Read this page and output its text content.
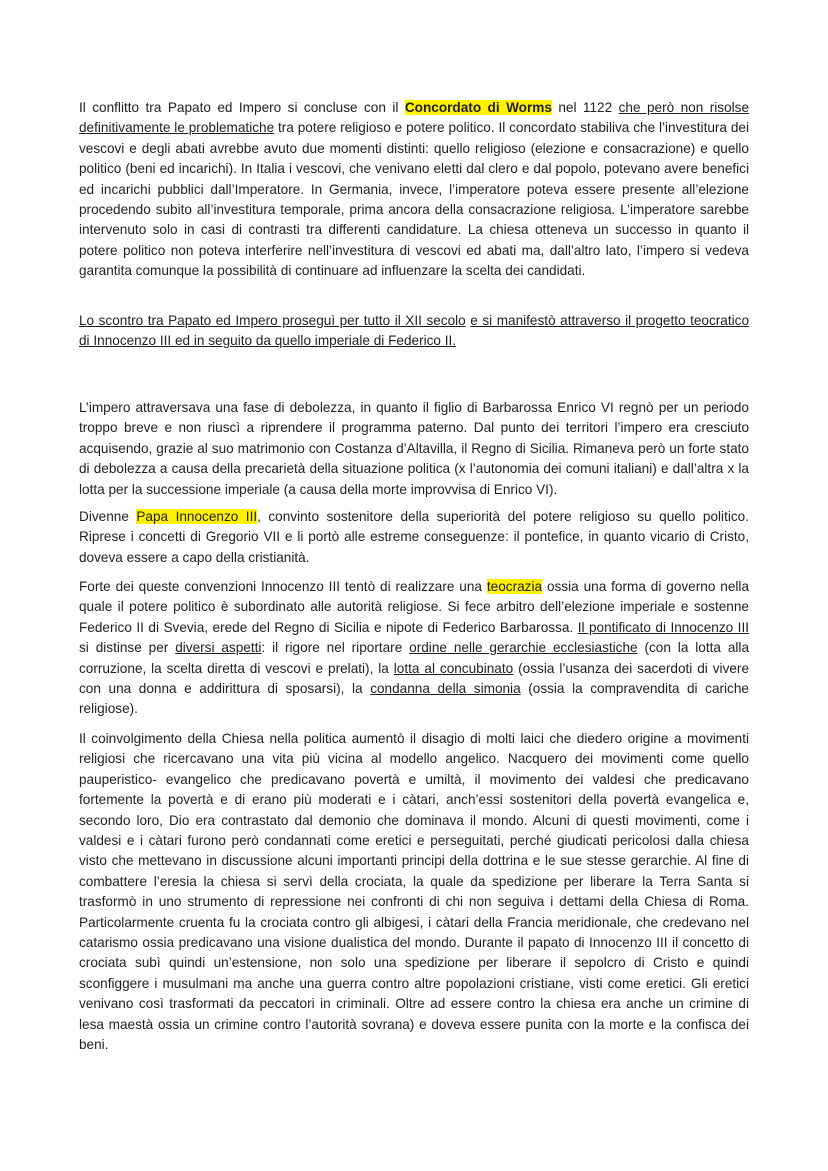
Il conflitto tra Papato ed Impero si concluse con il Concordato di Worms nel 1122 che però non risolse definitivamente le problematiche tra potere religioso e potere politico. Il concordato stabiliva che l’investitura dei vescovi e degli abati avrebbe avuto due momenti distinti: quello religioso (elezione e consacrazione) e quello politico (beni ed incarichi). In Italia i vescovi, che venivano eletti dal clero e dal popolo, potevano avere benefici ed incarichi pubblici dall’Imperatore. In Germania, invece, l’imperatore poteva essere presente all’elezione procedendo subito all’investitura temporale, prima ancora della consacrazione religiosa. L’imperatore sarebbe intervenuto solo in casi di contrasti tra differenti candidature. La chiesa otteneva un successo in quanto il potere politico non poteva interferire nell’investitura di vescovi ed abati ma, dall’altro lato, l’impero si vedeva garantita comunque la possibilità di continuare ad influenzare la scelta dei candidati.

Lo scontro tra Papato ed Impero proseguì per tutto il XII secolo e si manifestò attraverso il progetto teocratico di Innocenzo III ed in seguito da quello imperiale di Federico II.

L’impero attraversava una fase di debolezza, in quanto il figlio di Barbarossa Enrico VI regnò per un periodo troppo breve e non riuscì a riprendere il programma paterno. Dal punto dei territori l’impero era cresciuto acquisendo, grazie al suo matrimonio con Costanza d’Altavilla, il Regno di Sicilia. Rimaneva però un forte stato di debolezza a causa della precarietà della situazione politica (x l’autonomia dei comuni italiani) e dall’altra x la lotta per la successione imperiale (a causa della morte improvvisa di Enrico VI).

Divenne Papa Innocenzo III, convinto sostenitore della superiorità del potere religioso su quello politico. Riprese i concetti di Gregorio VII e li portò alle estreme conseguenze: il pontefice, in quanto vicario di Cristo, doveva essere a capo della cristianità.

Forte dei queste convenzioni Innocenzo III tentò di realizzare una teocrazia ossia una forma di governo nella quale il potere politico è subordinato alle autorità religiose. Si fece arbitro dell’elezione imperiale e sostenne Federico II di Svevia, erede del Regno di Sicilia e nipote di Federico Barbarossa. Il pontificato di Innocenzo III si distinse per diversi aspetti: il rigore nel riportare ordine nelle gerarchie ecclesiastiche (con la lotta alla corruzione, la scelta diretta di vescovi e prelati), la lotta al concubinato (ossia l’usanza dei sacerdoti di vivere con una donna e addirittura di sposarsi), la condanna della simonia (ossia la compravendita di cariche religiose).

Il coinvolgimento della Chiesa nella politica aumentò il disagio di molti laici che diedero origine a movimenti religiosi che ricercavano una vita più vicina al modello angelico. Nacquero dei movimenti come quello pauperistico- evangelico che predicavano povertà e umiltà, il movimento dei valdesi che predicavano fortemente la povertà e di erano più moderati e i càtari, anch’essi sostenitori della povertà evangelica e, secondo loro, Dio era contrastato dal demonio che dominava il mondo. Alcuni di questi movimenti, come i valdesi e i càtari furono però condannati come eretici e perseguitati, perché giudicati pericolosi dalla chiesa visto che mettevano in discussione alcuni importanti principi della dottrina e le sue stesse gerarchie. Al fine di combattere l’eresia la chiesa si servì della crociata, la quale da spedizione per liberare la Terra Santa si trasformò in uno strumento di repressione nei confronti di chi non seguiva i dettami della Chiesa di Roma. Particolarmente cruenta fu la crociata contro gli albigesi, i càtari della Francia meridionale, che credevano nel catarismo ossia predicavano una visione dualistica del mondo. Durante il papato di Innocenzo III il concetto di crociata subì quindi un’estensione, non solo una spedizione per liberare il sepolcro di Cristo e quindi sconfiggere i musulmani ma anche una guerra contro altre popolazioni cristiane, visti come eretici. Gli eretici venivano così trasformati da peccatori in criminali. Oltre ad essere contro la chiesa era anche un crimine di lesa maestà ossia un crimine contro l’autorità sovrana) e doveva essere punita con la morte e la confisca dei beni.
